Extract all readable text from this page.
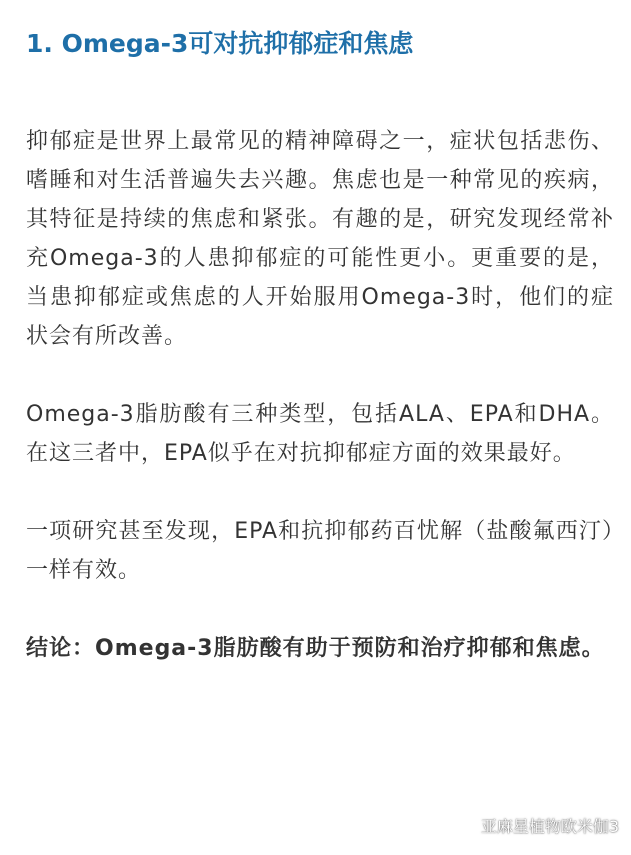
1. Omega-3可对抗抑郁症和焦虑

抑郁症是世界上最常见的精神障碍之一，症状包括悲伤、嗜睡和对生活普遍失去兴趣。焦虑也是一种常见的疾病，其特征是持续的焦虑和紧张。有趣的是，研究发现经常补充Omega-3的人患抑郁症的可能性更小。更重要的是，当患抑郁症或焦虑的人开始服用Omega-3时，他们的症状会有所改善。

Omega-3脂肪酸有三种类型，包括ALA、EPA和DHA。在这三者中，EPA似乎在对抗抑郁症方面的效果最好。

一项研究甚至发现，EPA和抗抑郁药百忧解（盐酸氟西汀）一样有效。

结论：Omega-3脂肪酸有助于预防和治疗抑郁和焦虑。

亚麻星植物欧米伽3
